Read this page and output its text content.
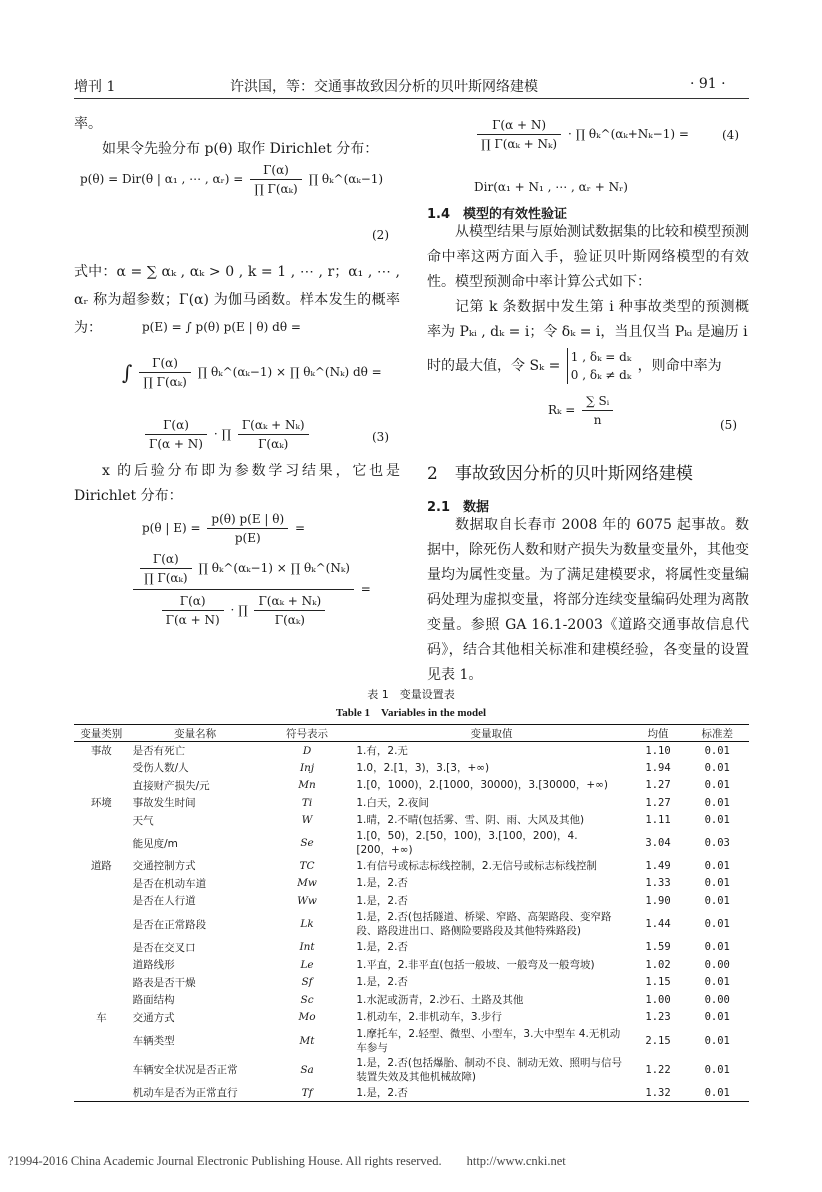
增刊 1	许洪国，等：交通事故致因分析的贝叶斯网络建模	· 91 ·

率。

如果令先验分布 p(θ) 取作 Dirichlet 分布：

p(θ) = Dir(θ | α₁ , ⋯ , αᵣ) = $\frac{\Gamma(\alpha)}{\text{∏ Γ(αₖ)}}$ ∏ θₖ^(αₖ−1)
(2)

式中：α = ∑ αₖ , αₖ > 0 , k = 1 , ⋯ , r；α₁ , ⋯ , αᵣ 称为超参数；Γ(α) 为伽马函数。样本发生的概率为：	p(E) = ∫ p(θ) p(E | θ) dθ =
∫ $\frac{\Gamma(\alpha)}{\text{∏ Γ(αₖ)}}$ ∏ θₖ^(αₖ−1) × ∏ θₖ^(Nₖ) dθ =
$\frac{\Gamma(\alpha)}{\Gamma(\alpha + N)}$ · ∏ $\frac{\text{Γ(αₖ + Nₖ)}}{\text{Γ(αₖ)}}$	(3)

x 的后验分布即为参数学习结果，它也是 Dirichlet 分布：

p(θ | $E) = \frac{p(\theta) p(E | \theta)}{p(E)}$ =
$\frac{\Gamma(\alpha)}{\text{∏ Γ(αₖ)}}$ ∏ θₖ^(αₖ−1) × ∏ θₖ^(Nₖ)
$\frac{\Gamma(\alpha)}{\Gamma(\alpha + N)}$ · ∏ $\frac{\text{Γ(αₖ + Nₖ)}}{\text{Γ(αₖ)}}$
=
$\frac{\Gamma(\alpha + N)}{\text{∏ Γ(αₖ + Nₖ)}}$ · ∏ θₖ^(αₖ+Nₖ−1) =	(4)
Dir(α₁ + N₁ , ⋯ , αᵣ + Nᵣ)
1.4　模型的有效性验证

从模型结果与原始测试数据集的比较和模型预测命中率这两方面入手，验证贝叶斯网络模型的有效性。模型预测命中率计算公式如下：

记第 k 条数据中发生第 i 种事故类型的预测概率为 Pₖᵢ , dₖ = i；令 δₖ = i，当且仅当 Pₖᵢ 是遍历 i

时的最大值，令 Sₖ =
1 , δₖ = dₖ
0 , δₖ ≠ dₖ
，则命中率为
$R_k = \frac{\text{∑ Sᵢ}}{n}$	(5)
2　事故致因分析的贝叶斯网络建模
2.1　数据

数据取自长春市 2008 年的 6075 起事故。数据中，除死伤人数和财产损失为数量变量外，其他变量均为属性变量。为了满足建模要求，将属性变量编码处理为虚拟变量，将部分连续变量编码处理为离散变量。参照 GA 16.1-2003《道路交通事故信息代码》，结合其他相关标准和建模经验，各变量的设置见表 1。

表 1　变量设置表
Table 1　Variables in the model
变量类别	变量名称	符号表示	变量取值	均值	标准差
事故	是否有死亡	D	1.有，2.无	1.10	0.01
	受伤人数/人	Inj	1.0，2.[1，3)，3.[3，+∞)	1.94	0.01
	直接财产损失/元	Mn	1.[0，1000)，2.[1000，30000)，3.[30000，+∞)	1.27	0.01
环境	事故发生时间	Ti	1.白天，2.夜间	1.27	0.01
	天气	W	1.晴，2.不晴(包括雾、雪、阴、雨、大风及其他)	1.11	0.01
	能见度/m	Se	1.[0，50)，2.[50，100)，3.[100，200)，4.[200，+∞)	3.04	0.03
道路	交通控制方式	TC	1.有信号或标志标线控制，2.无信号或标志标线控制	1.49	0.01
	是否在机动车道	Mw	1.是，2.否	1.33	0.01
	是否在人行道	Ww	1.是，2.否	1.90	0.01
	是否在正常路段	Lk	1.是，2.否(包括隧道、桥梁、窄路、高架路段、变窄路段、路段进出口、路侧险要路段及其他特殊路段)	1.44	0.01
	是否在交叉口	Int	1.是，2.否	1.59	0.01
	道路线形	Le	1.平直，2.非平直(包括一般坡、一般弯及一般弯坡)	1.02	0.00
	路表是否干燥	Sf	1.是，2.否	1.15	0.01
	路面结构	Sc	1.水泥或沥青，2.沙石、土路及其他	1.00	0.00
车	交通方式	Mo	1.机动车，2.非机动车，3.步行	1.23	0.01
	车辆类型	Mt	1.摩托车，2.轻型、微型、小型车，3.大中型车 4.无机动车参与	2.15	0.01
	车辆安全状况是否正常	Sa	1.是，2.否(包括爆胎、制动不良、制动无效、照明与信号装置失效及其他机械故障)	1.22	0.01
	机动车是否为正常直行	Tf	1.是，2.否	1.32	0.01
?1994-2016 China Academic Journal Electronic Publishing House. All rights reserved.　　http://www.cnki.net
